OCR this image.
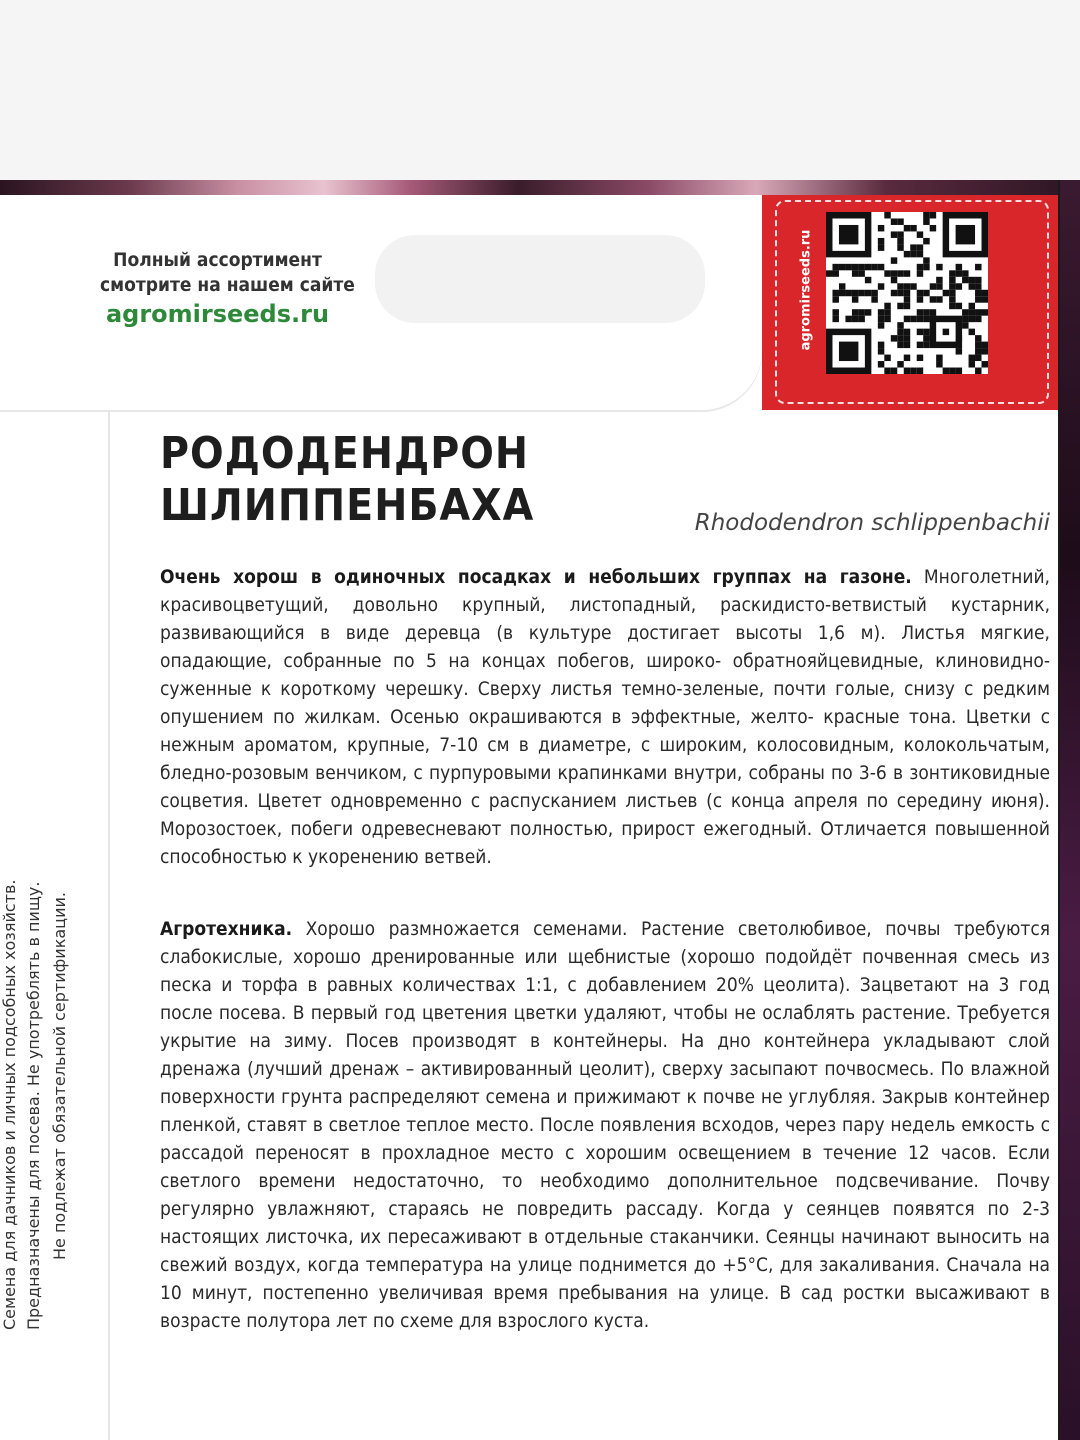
Полный ассортимент
смотрите на нашем сайте
agromirseeds.ru	agromirseeds.ru
Семена для дачников и личных подсобных хозяйств. Предназначены для посева. Не употреблять в пищу. Не подлежат обязательной сертификации.
РОДОДЕНДРОН
ШЛИППЕНБАХА	Rhododendron schlippenbachii
Очень хорош в одиночных посадках и небольших группах на газоне. Многолетний, красивоцветущий, довольно крупный, листопадный, раскидисто-ветвистый кустарник, развивающийся в виде деревца (в культуре достигает высоты 1,6 м). Листья мягкие, опадающие, собранные по 5 на концах побегов, широко- обратнояйцевидные, клиновидно-суженные к короткому черешку. Сверху листья темно-зеленые, почти голые, снизу с редким опушением по жилкам. Осенью окрашиваются в эффектные, желто- красные тона. Цветки с нежным ароматом, крупные, 7-10 см в диаметре, с широким, колосовидным, колокольчатым, бледно-розовым венчиком, с пурпуровыми крапинками внутри, собраны по 3-6 в зонтиковидные соцветия. Цветет одновременно с распусканием листьев (с конца апреля по середину июня). Морозостоек, побеги одревесневают полностью, прирост ежегодный. Отличается повышенной способностью к укоренению ветвей.
Агротехника. Хорошо размножается семенами. Растение светолюбивое, почвы требуются слабокислые, хорошо дренированные или щебнистые (хорошо подойдёт почвенная смесь из песка и торфа в равных количествах 1:1, с добавлением 20% цеолита). Зацветают на 3 год после посева. В первый год цветения цветки удаляют, чтобы не ослаблять растение. Требуется укрытие на зиму. Посев производят в контейнеры. На дно контейнера укладывают слой дренажа (лучший дренаж – активированный цеолит), сверху засыпают почвосмесь. По влажной поверхности грунта распределяют семена и прижимают к почве не углубляя. Закрыв контейнер пленкой, ставят в светлое теплое место. После появления всходов, через пару недель емкость с рассадой переносят в прохладное место с хорошим освещением в течение 12 часов. Если светлого времени недостаточно, то необходимо дополнительное подсвечивание. Почву регулярно увлажняют, стараясь не повредить рассаду. Когда у сеянцев появятся по 2-3 настоящих листочка, их пересаживают в отдельные стаканчики. Сеянцы начинают выносить на свежий воздух, когда температура на улице поднимется до +5°С, для закаливания. Сначала на 10 минут, постепенно увеличивая время пребывания на улице. В сад ростки высаживают в возрасте полутора лет по схеме для взрослого куста.
